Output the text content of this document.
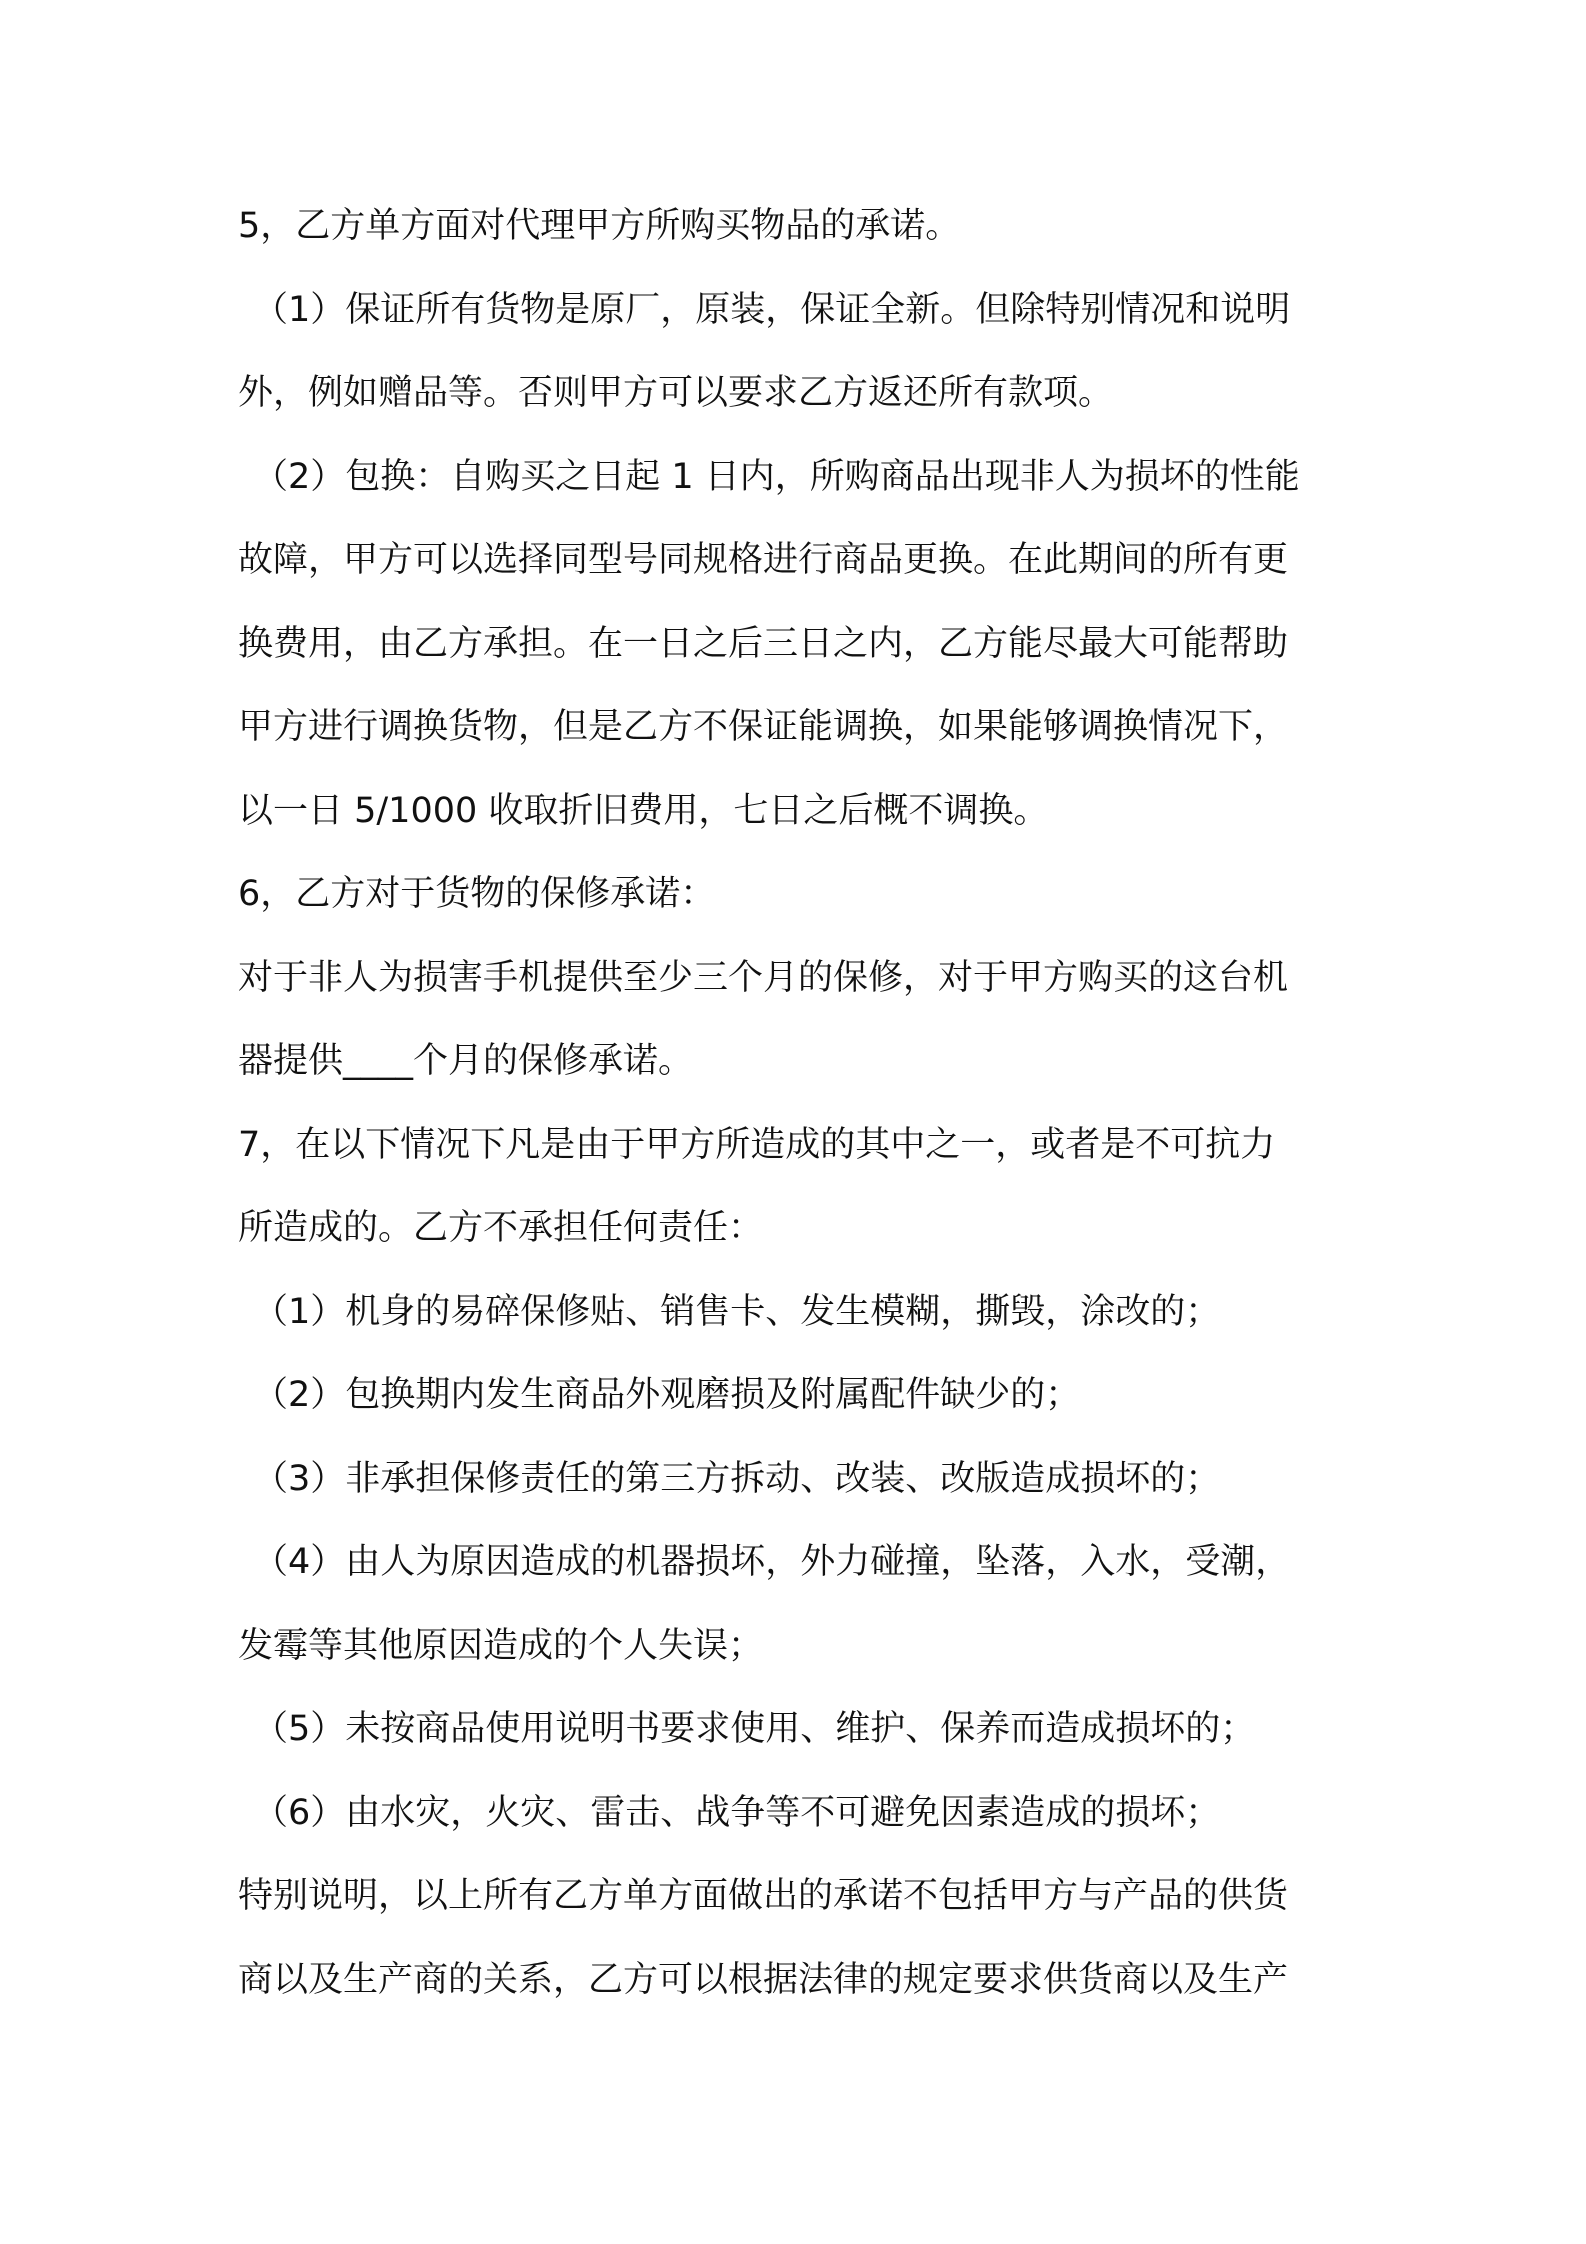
5，乙方单方面对代理甲方所购买物品的承诺。
（1）保证所有货物是原厂，原装，保证全新。但除特别情况和说明
外，例如赠品等。否则甲方可以要求乙方返还所有款项。
（2）包换：自购买之日起 1 日内，所购商品出现非人为损坏的性能
故障，甲方可以选择同型号同规格进行商品更换。在此期间的所有更
换费用，由乙方承担。在一日之后三日之内，乙方能尽最大可能帮助
甲方进行调换货物，但是乙方不保证能调换，如果能够调换情况下，
以一日 5/1000 收取折旧费用，七日之后概不调换。
6，乙方对于货物的保修承诺：
对于非人为损害手机提供至少三个月的保修，对于甲方购买的这台机
器提供____个月的保修承诺。
7，在以下情况下凡是由于甲方所造成的其中之一，或者是不可抗力
所造成的。乙方不承担任何责任：
（1）机身的易碎保修贴、销售卡、发生模糊，撕毁，涂改的；
（2）包换期内发生商品外观磨损及附属配件缺少的；
（3）非承担保修责任的第三方拆动、改装、改版造成损坏的；
（4）由人为原因造成的机器损坏，外力碰撞，坠落，入水，受潮，
发霉等其他原因造成的个人失误；
（5）未按商品使用说明书要求使用、维护、保养而造成损坏的；
（6）由水灾，火灾、雷击、战争等不可避免因素造成的损坏；
特别说明，以上所有乙方单方面做出的承诺不包括甲方与产品的供货
商以及生产商的关系，乙方可以根据法律的规定要求供货商以及生产
